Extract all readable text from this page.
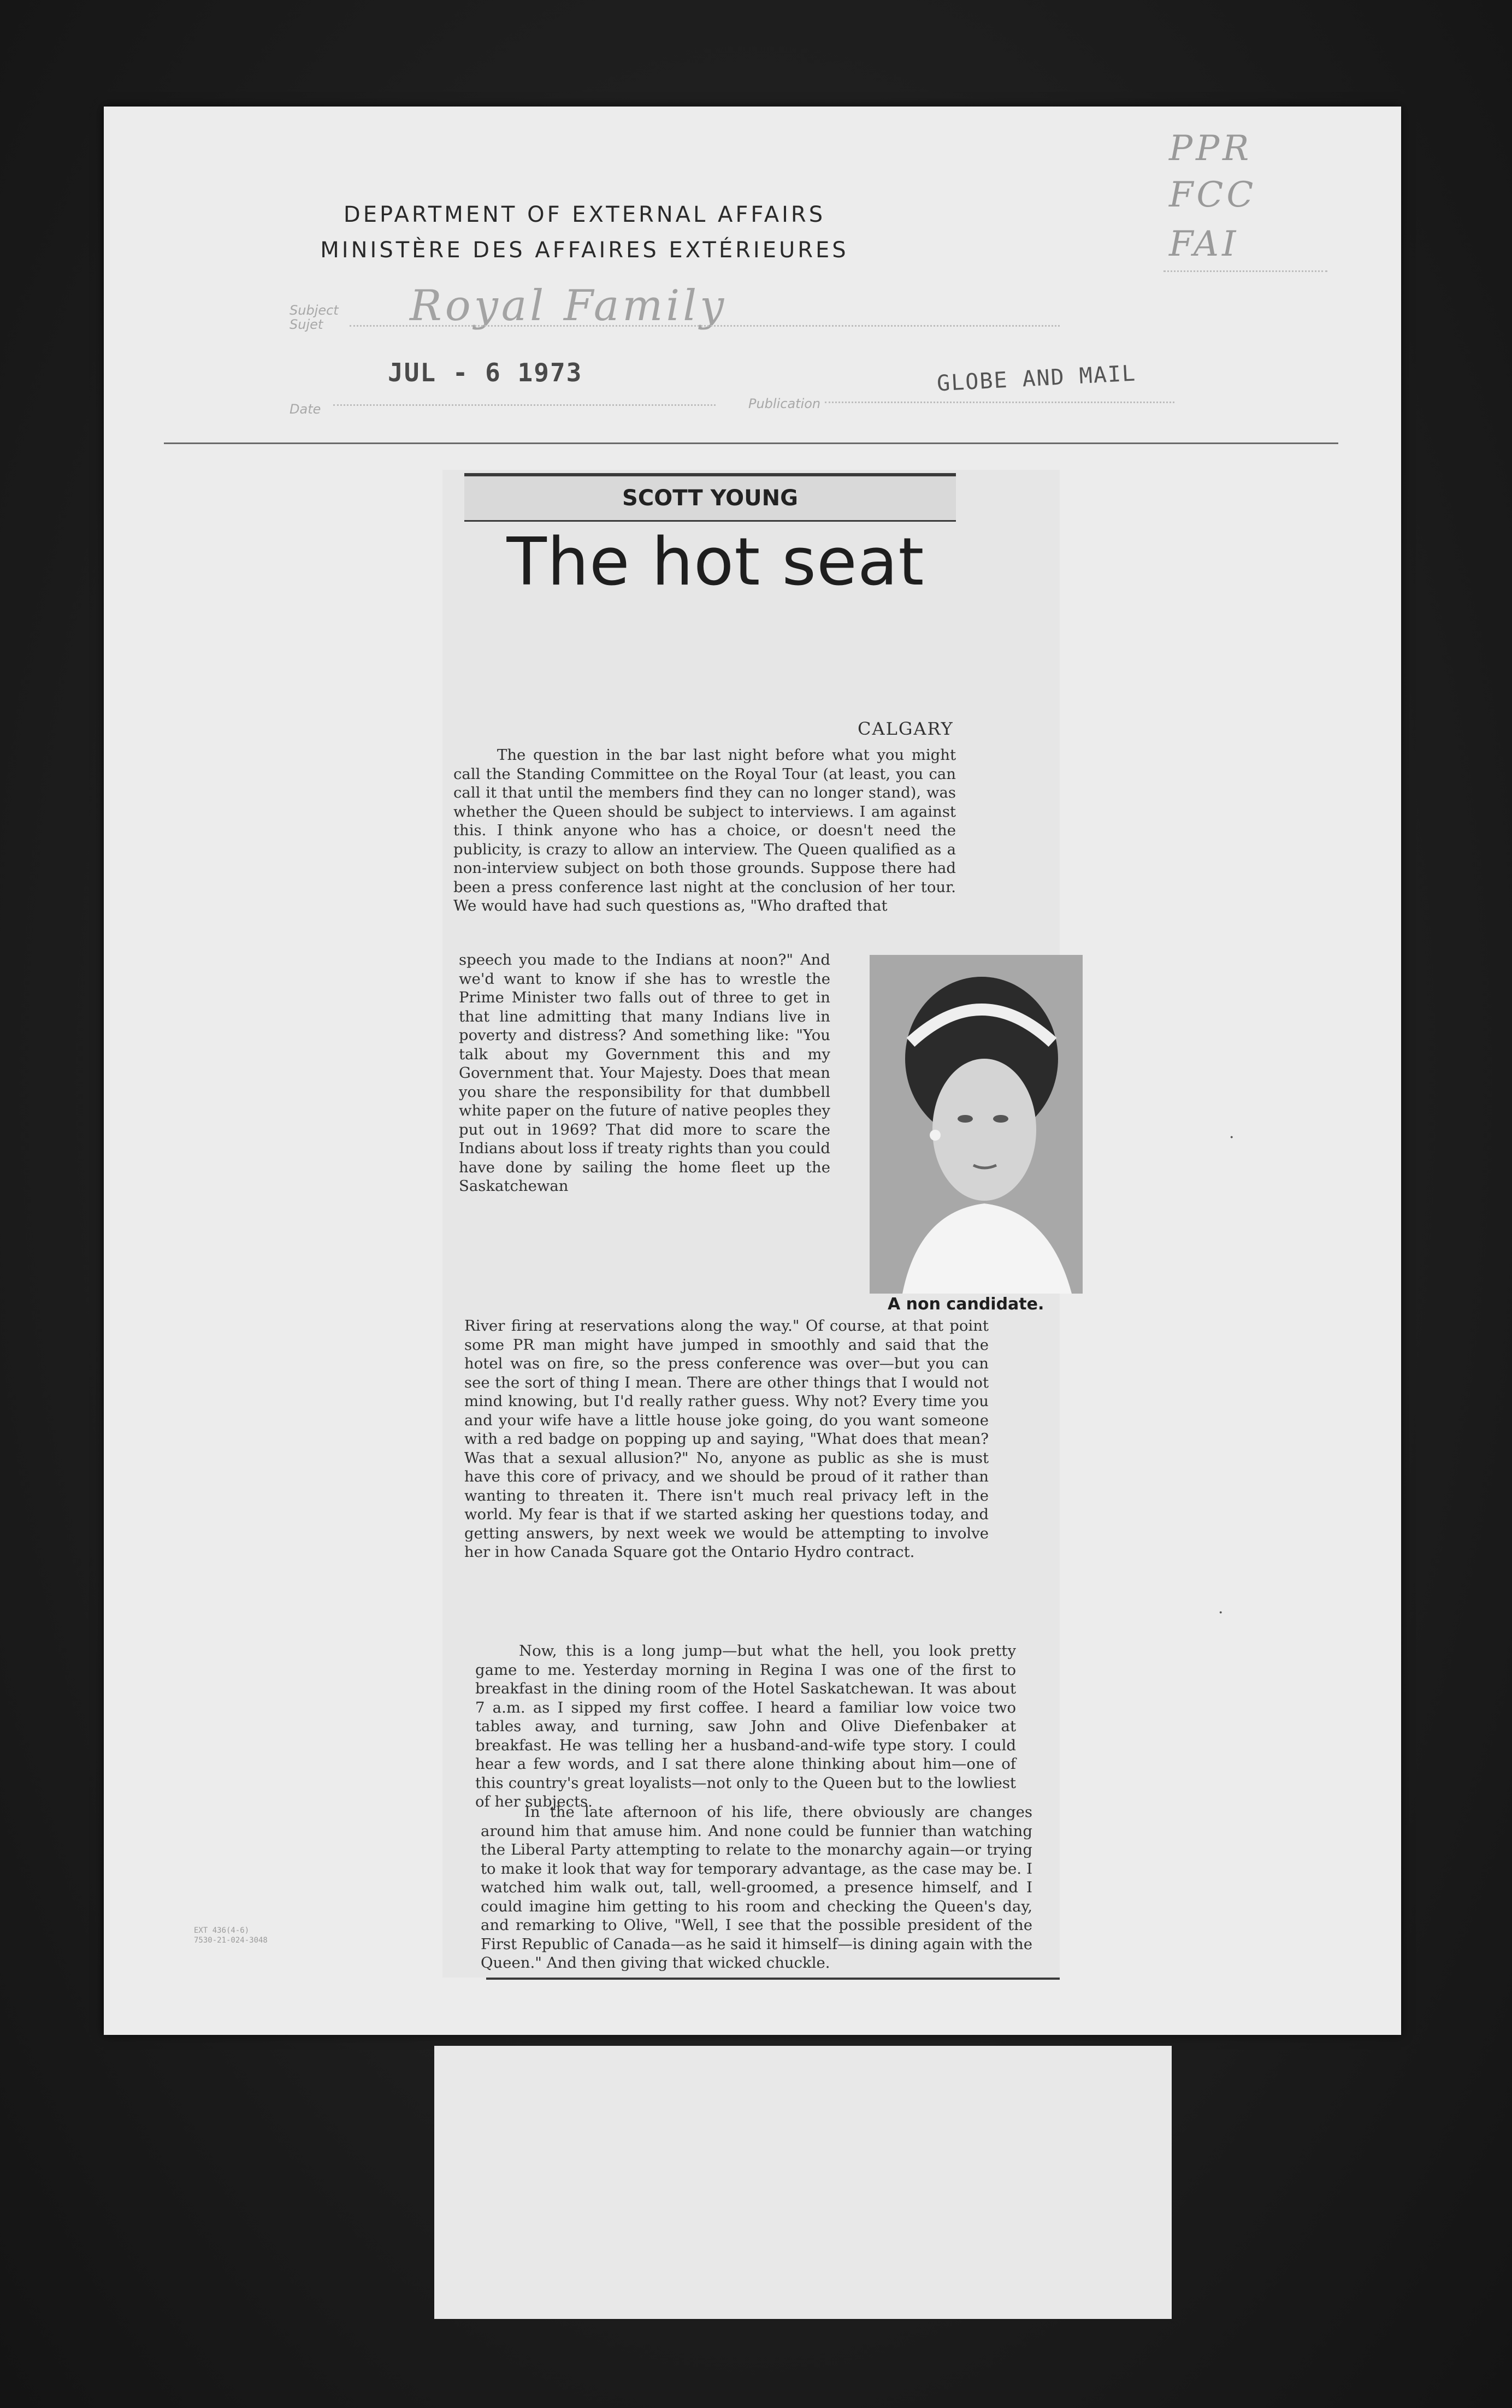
DEPARTMENT OF EXTERNAL AFFAIRS
MINISTÈRE DES AFFAIRES EXTÉRIEURES
PPR
FCC
FAI
Subject
Sujet	Royal Family
JUL - 6 1973	GLOBE AND MAIL
Date	Publication
SCOTT YOUNG
The hot seat
CALGARY

The question in the bar last night before what you might call the Standing Committee on the Royal Tour (at least, you can call it that until the members find they can no longer stand), was whether the Queen should be subject to interviews. I am against this. I think anyone who has a choice, or doesn't need the publicity, is crazy to allow an interview. The Queen qualified as a non-interview subject on both those grounds. Suppose there had been a press conference last night at the conclusion of her tour. We would have had such questions as, "Who drafted that

speech you made to the Indians at noon?" And we'd want to know if she has to wrestle the Prime Minister two falls out of three to get in that line admitting that many Indians live in poverty and distress? And something like: "You talk about my Government this and my Government that. Your Majesty. Does that mean you share the responsibility for that dumbbell white paper on the future of native peoples they put out in 1969? That did more to scare the Indians about loss if treaty rights than you could have done by sailing the home fleet up the Saskatchewan

A non candidate.

River firing at reservations along the way." Of course, at that point some PR man might have jumped in smoothly and said that the hotel was on fire, so the press conference was over—but you can see the sort of thing I mean. There are other things that I would not mind knowing, but I'd really rather guess. Why not? Every time you and your wife have a little house joke going, do you want someone with a red badge on popping up and saying, "What does that mean? Was that a sexual allusion?" No, anyone as public as she is must have this core of privacy, and we should be proud of it rather than wanting to threaten it. There isn't much real privacy left in the world. My fear is that if we started asking her questions today, and getting answers, by next week we would be attempting to involve her in how Canada Square got the Ontario Hydro contract.

Now, this is a long jump—but what the hell, you look pretty game to me. Yesterday morning in Regina I was one of the first to breakfast in the dining room of the Hotel Saskatchewan. It was about 7 a.m. as I sipped my first coffee. I heard a familiar low voice two tables away, and turning, saw John and Olive Diefenbaker at breakfast. He was telling her a husband-and-wife type story. I could hear a few words, and I sat there alone thinking about him—one of this country's great loyalists—not only to the Queen but to the lowliest of her subjects.

In the late afternoon of his life, there obviously are changes around him that amuse him. And none could be funnier than watching the Liberal Party attempting to relate to the monarchy again—or trying to make it look that way for temporary advantage, as the case may be. I watched him walk out, tall, well-groomed, a presence himself, and I could imagine him getting to his room and checking the Queen's day, and remarking to Olive, "Well, I see that the possible president of the First Republic of Canada—as he said it himself—is dining again with the Queen." And then giving that wicked chuckle.

·
·
EXT 436(4-6)
7530-21-024-3048
